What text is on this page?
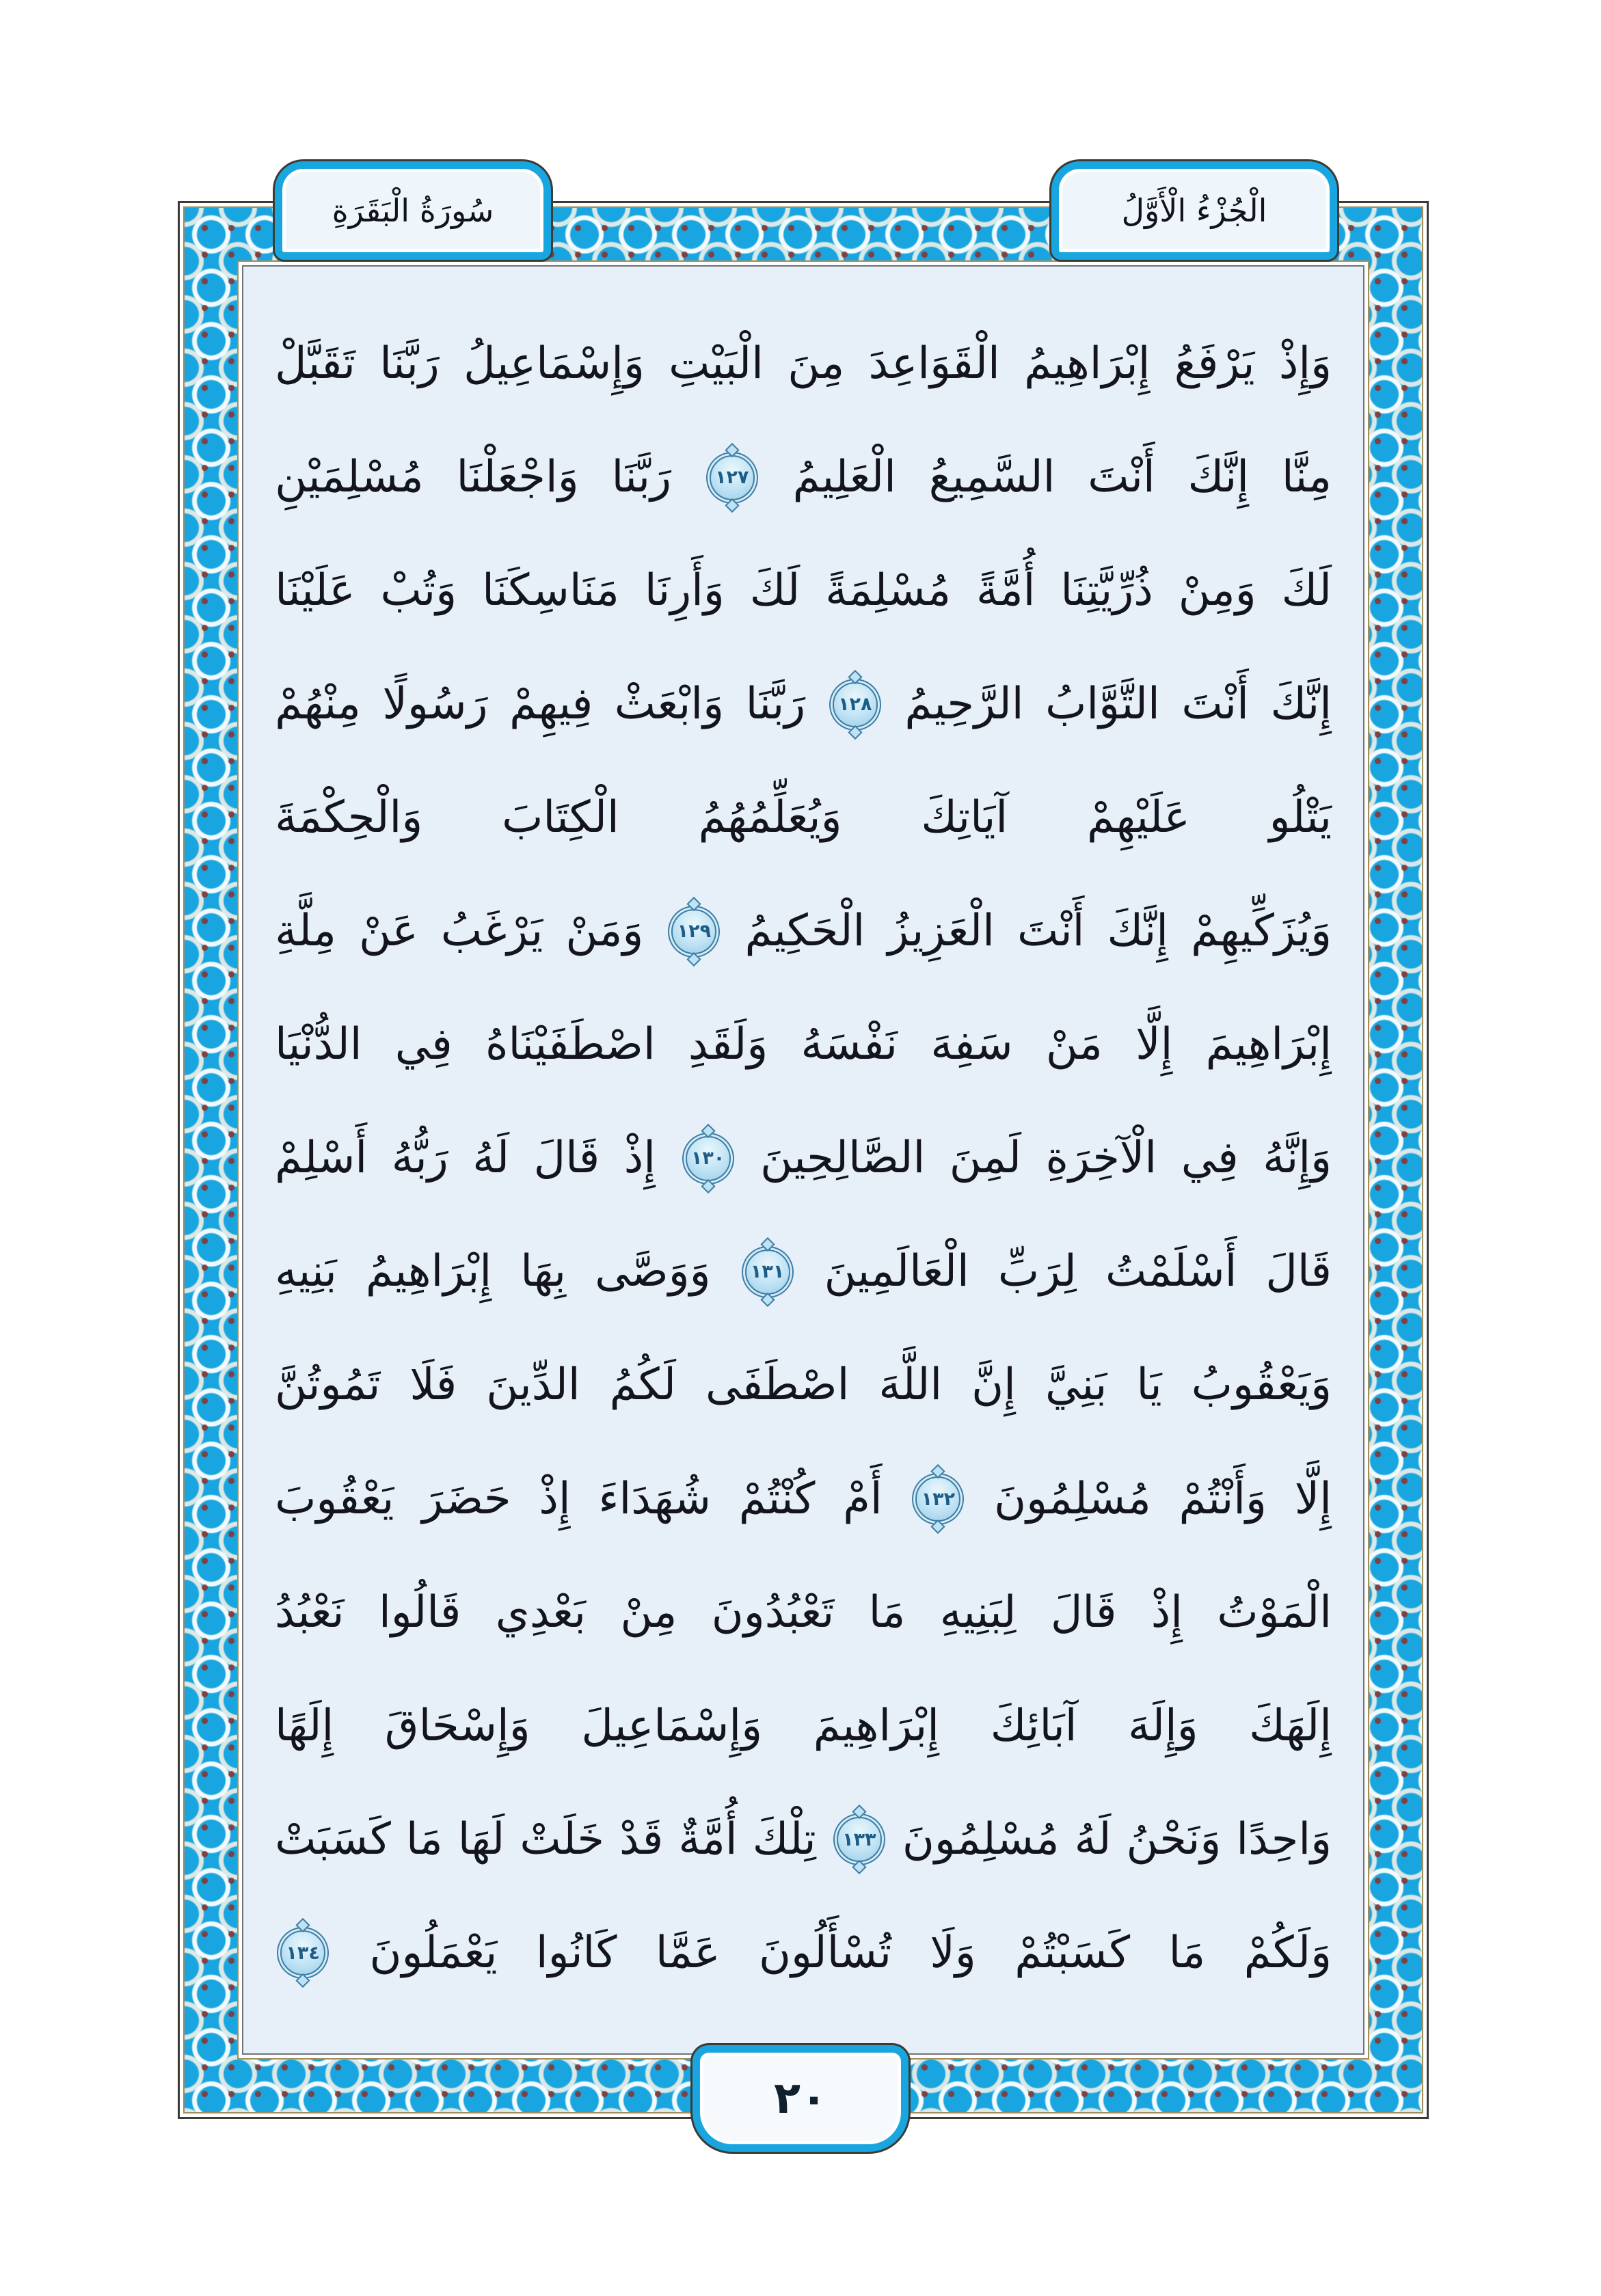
وَإِذْ
يَرْفَعُ
إِبْرَاهِيمُ
الْقَوَاعِدَ
مِنَ
الْبَيْتِ
وَإِسْمَاعِيلُ
رَبَّنَا
تَقَبَّلْ
مِنَّا
إِنَّكَ
أَنْتَ
السَّمِيعُ
الْعَلِيمُ
١٢٧
رَبَّنَا
وَاجْعَلْنَا
مُسْلِمَيْنِ
لَكَ
وَمِنْ
ذُرِّيَّتِنَا
أُمَّةً
مُسْلِمَةً
لَكَ
وَأَرِنَا
مَنَاسِكَنَا
وَتُبْ
عَلَيْنَا
إِنَّكَ
أَنْتَ
التَّوَّابُ
الرَّحِيمُ
١٢٨
رَبَّنَا
وَابْعَثْ
فِيهِمْ
رَسُولًا
مِنْهُمْ
يَتْلُو
عَلَيْهِمْ
آيَاتِكَ
وَيُعَلِّمُهُمُ
الْكِتَابَ
وَالْحِكْمَةَ
وَيُزَكِّيهِمْ
إِنَّكَ
أَنْتَ
الْعَزِيزُ
الْحَكِيمُ
١٢٩
وَمَنْ
يَرْغَبُ
عَنْ
مِلَّةِ
إِبْرَاهِيمَ
إِلَّا
مَنْ
سَفِهَ
نَفْسَهُ
وَلَقَدِ
اصْطَفَيْنَاهُ
فِي
الدُّنْيَا
وَإِنَّهُ
فِي
الْآخِرَةِ
لَمِنَ
الصَّالِحِينَ
١٣٠
إِذْ
قَالَ
لَهُ
رَبُّهُ
أَسْلِمْ
قَالَ
أَسْلَمْتُ
لِرَبِّ
الْعَالَمِينَ
١٣١
وَوَصَّى
بِهَا
إِبْرَاهِيمُ
بَنِيهِ
وَيَعْقُوبُ
يَا
بَنِيَّ
إِنَّ
اللَّهَ
اصْطَفَى
لَكُمُ
الدِّينَ
فَلَا
تَمُوتُنَّ
إِلَّا
وَأَنْتُمْ
مُسْلِمُونَ
١٣٢
أَمْ
كُنْتُمْ
شُهَدَاءَ
إِذْ
حَضَرَ
يَعْقُوبَ
الْمَوْتُ
إِذْ
قَالَ
لِبَنِيهِ
مَا
تَعْبُدُونَ
مِنْ
بَعْدِي
قَالُوا
نَعْبُدُ
إِلَهَكَ
وَإِلَهَ
آبَائِكَ
إِبْرَاهِيمَ
وَإِسْمَاعِيلَ
وَإِسْحَاقَ
إِلَهًا
وَاحِدًا
وَنَحْنُ
لَهُ
مُسْلِمُونَ
١٣٣
تِلْكَ
أُمَّةٌ
قَدْ
خَلَتْ
لَهَا
مَا
كَسَبَتْ
وَلَكُمْ
مَا
كَسَبْتُمْ
وَلَا
تُسْأَلُونَ
عَمَّا
كَانُوا
يَعْمَلُونَ
١٣٤
سُورَةُ الْبَقَرَةِ	الْجُزْءُ الْأَوَّلُ
٢٠
